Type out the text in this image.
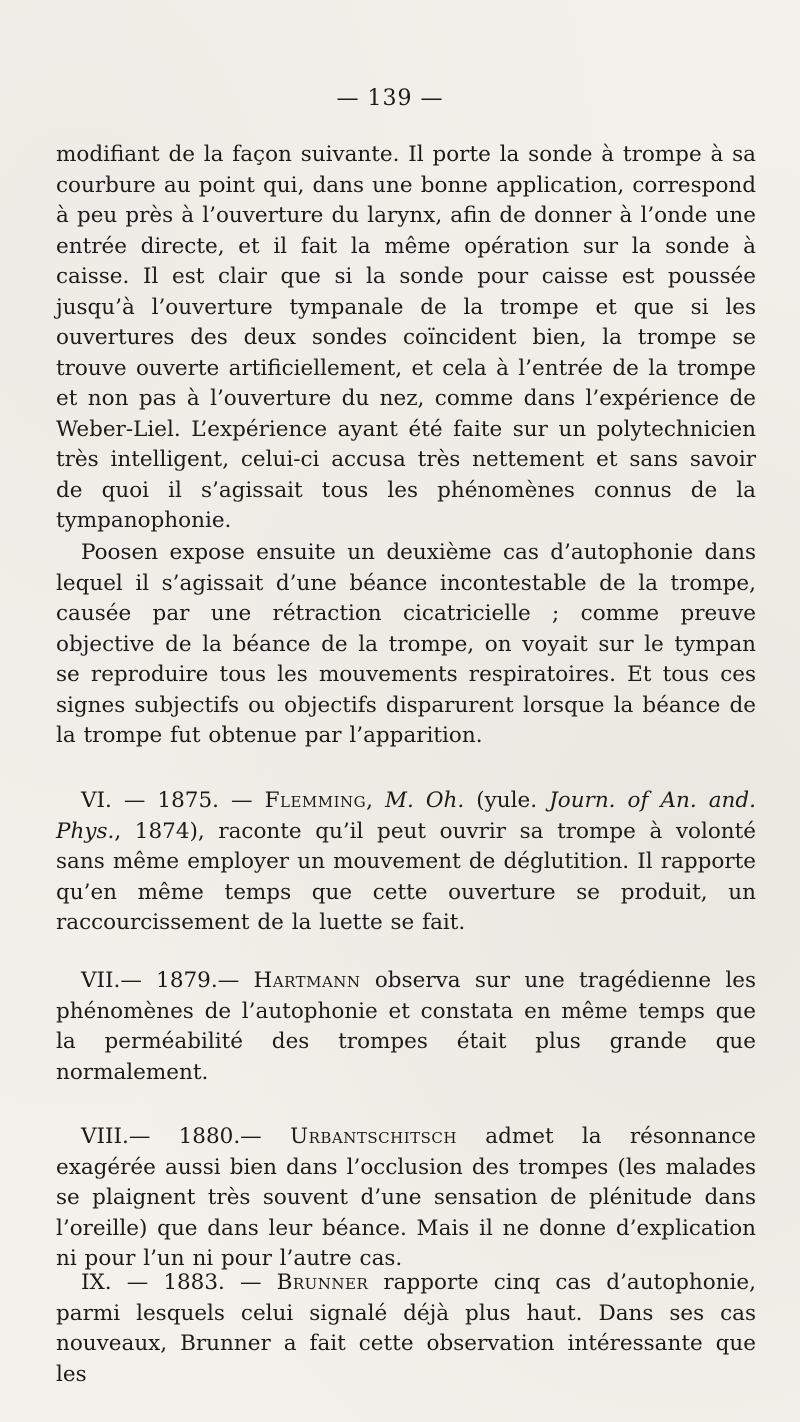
— 139 —

modifiant de la façon suivante. Il porte la sonde à trompe à sa courbure au point qui, dans une bonne application, correspond à peu près à l’ouverture du larynx, afin de donner à l’onde une entrée directe, et il fait la même opération sur la sonde à caisse. Il est clair que si la sonde pour caisse est poussée jusqu’à l’ouverture tympanale de la trompe et que si les ouvertures des deux sondes coïncident bien, la trompe se trouve ouverte artificiellement, et cela à l’entrée de la trompe et non pas à l’ouverture du nez, comme dans l’expérience de Weber-Liel. L’expérience ayant été faite sur un polytechnicien très intelligent, celui-ci accusa très nettement et sans savoir de quoi il s’agissait tous les phénomènes connus de la tympanophonie.

Poosen expose ensuite un deuxième cas d’autophonie dans lequel il s’agissait d’une béance incontestable de la trompe, causée par une rétraction cicatricielle ; comme preuve objective de la béance de la trompe, on voyait sur le tympan se reproduire tous les mouvements respiratoires. Et tous ces signes subjectifs ou objectifs disparurent lorsque la béance de la trompe fut obtenue par l’apparition.

VI. — 1875. — Flemming, M. Oh. (yule. Journ. of An. and. Phys., 1874), raconte qu’il peut ouvrir sa trompe à volonté sans même employer un mouvement de déglutition. Il rapporte qu’en même temps que cette ouverture se produit, un raccourcissement de la luette se fait.

VII.— 1879.— Hartmann observa sur une tragédienne les phénomènes de l’autophonie et constata en même temps que la perméabilité des trompes était plus grande que normalement.

VIII.— 1880.— Urbantschitsch admet la résonnance exagérée aussi bien dans l’occlusion des trompes (les malades se plaignent très souvent d’une sensation de plénitude dans l’oreille) que dans leur béance. Mais il ne donne d’explication ni pour l’un ni pour l’autre cas.

IX. — 1883. — Brunner rapporte cinq cas d’autophonie, parmi lesquels celui signalé déjà plus haut. Dans ses cas nouveaux, Brunner a fait cette observation intéressante que les
